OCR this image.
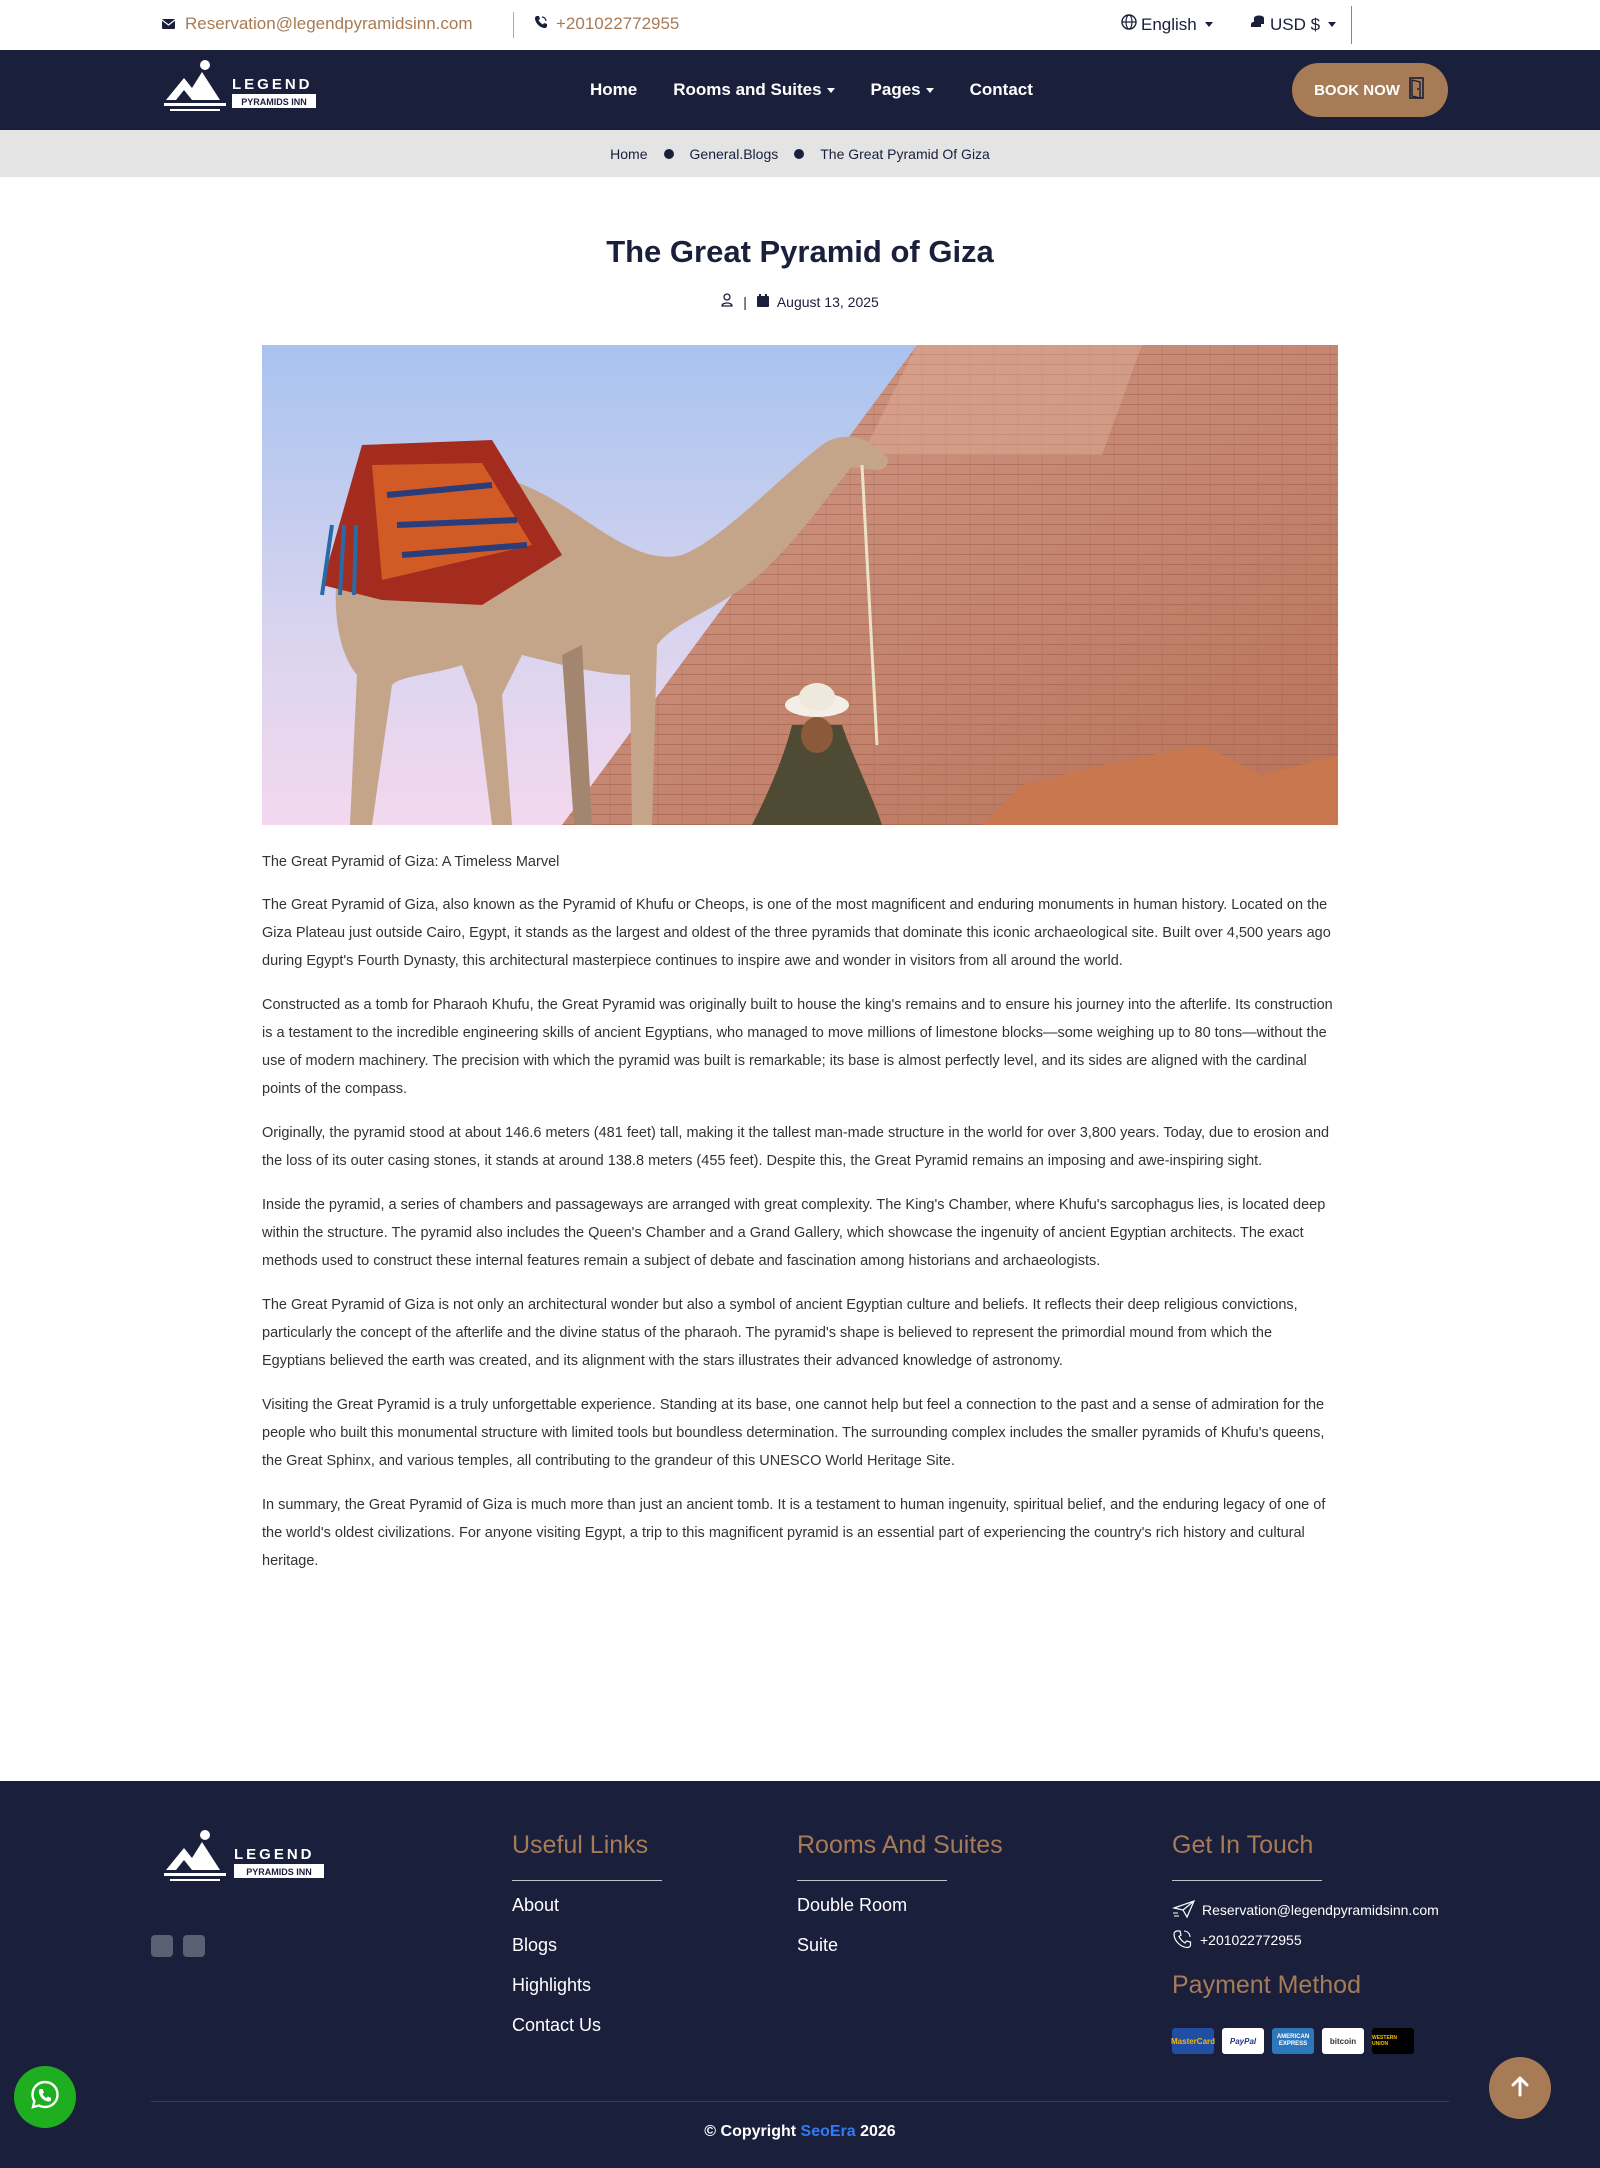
Reservation@legendpyramidsinn.com	+201022772955	English	USD $
LEGEND
PYRAMIDS INN
Home Rooms and Suites	Pages	Contact	BOOK NOW
Home	General.Blogs	The Great Pyramid Of Giza
The Great Pyramid of Giza
| August 13, 2025
The Great Pyramid of Giza: A Timeless Marvel

The Great Pyramid of Giza, also known as the Pyramid of Khufu or Cheops, is one of the most magnificent and enduring monuments in human history. Located on the Giza Plateau just outside Cairo, Egypt, it stands as the largest and oldest of the three pyramids that dominate this iconic archaeological site. Built over 4,500 years ago during Egypt's Fourth Dynasty, this architectural masterpiece continues to inspire awe and wonder in visitors from all around the world.

Constructed as a tomb for Pharaoh Khufu, the Great Pyramid was originally built to house the king's remains and to ensure his journey into the afterlife. Its construction is a testament to the incredible engineering skills of ancient Egyptians, who managed to move millions of limestone blocks—some weighing up to 80 tons—without the use of modern machinery. The precision with which the pyramid was built is remarkable; its base is almost perfectly level, and its sides are aligned with the cardinal points of the compass.

Originally, the pyramid stood at about 146.6 meters (481 feet) tall, making it the tallest man-made structure in the world for over 3,800 years. Today, due to erosion and the loss of its outer casing stones, it stands at around 138.8 meters (455 feet). Despite this, the Great Pyramid remains an imposing and awe-inspiring sight.

Inside the pyramid, a series of chambers and passageways are arranged with great complexity. The King's Chamber, where Khufu's sarcophagus lies, is located deep within the structure. The pyramid also includes the Queen's Chamber and a Grand Gallery, which showcase the ingenuity of ancient Egyptian architects. The exact methods used to construct these internal features remain a subject of debate and fascination among historians and archaeologists.

The Great Pyramid of Giza is not only an architectural wonder but also a symbol of ancient Egyptian culture and beliefs. It reflects their deep religious convictions, particularly the concept of the afterlife and the divine status of the pharaoh. The pyramid's shape is believed to represent the primordial mound from which the Egyptians believed the earth was created, and its alignment with the stars illustrates their advanced knowledge of astronomy.

Visiting the Great Pyramid is a truly unforgettable experience. Standing at its base, one cannot help but feel a connection to the past and a sense of admiration for the people who built this monumental structure with limited tools but boundless determination. The surrounding complex includes the smaller pyramids of Khufu's queens, the Great Sphinx, and various temples, all contributing to the grandeur of this UNESCO World Heritage Site.

In summary, the Great Pyramid of Giza is much more than just an ancient tomb. It is a testament to human ingenuity, spiritual belief, and the enduring legacy of one of the world's oldest civilizations. For anyone visiting Egypt, a trip to this magnificent pyramid is an essential part of experiencing the country's rich history and cultural heritage.

LEGEND
PYRAMIDS INN
Useful Links
About
Blogs
Highlights
Contact Us
Rooms And Suites
Double Room
Suite
Get In Touch
Reservation@legendpyramidsinn.com
+201022772955
Payment Method
MasterCard	PayPal	AMERICAN EXPRESS	bitcoin	WESTERN UNION
© Copyright SeoEra 2026
